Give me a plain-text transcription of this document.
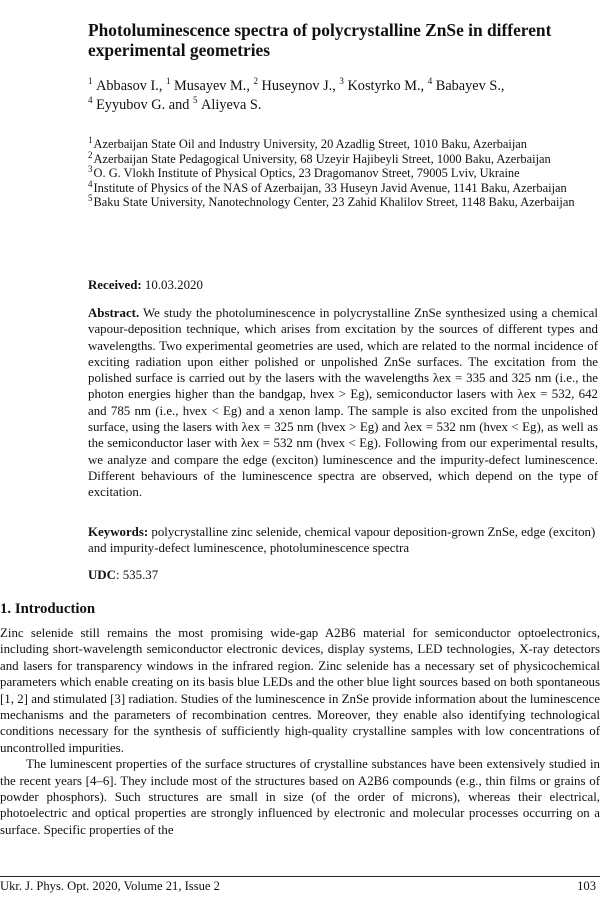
Photoluminescence spectra of polycrystalline ZnSe in different experimental geometries
$^1$ Abbasov I., $^1$ Musayev M., $^2$ Huseynov J., $^3$ Kostyrko M., $^4$ Babayev S.,
$^4$ Eyyubov G. and $^5$ Aliyeva S.
$^1$ Azerbaijan State Oil and Industry University, 20 Azadlig Street, 1010 Baku, Azerbaijan
$^2$ Azerbaijan State Pedagogical University, 68 Uzeyir Hajibeyli Street, 1000 Baku, Azerbaijan
$^3$ O. G. Vlokh Institute of Physical Optics, 23 Dragomanov Street, 79005 Lviv, Ukraine
$^4$ Institute of Physics of the NAS of Azerbaijan, 33 Huseyn Javid Avenue, 1141 Baku, Azerbaijan
$^5$ Baku State University, Nanotechnology Center, 23 Zahid Khalilov Street, 1148 Baku, Azerbaijan
Received: 10.03.2020

Abstract. We study the photoluminescence in polycrystalline ZnSe synthesized using a chemical vapour-deposition technique, which arises from excitation by the sources of different types and wavelengths. Two experimental geometries are used, which are related to the normal incidence of exciting radiation upon either polished or unpolished ZnSe surfaces. The excitation from the polished surface is carried out by the lasers with the wavelengths λex = 335 and 325 nm (i.e., the photon energies higher than the bandgap, hνex > Eg), semiconductor lasers with λex = 532, 642 and 785 nm (i.e., hνex < Eg) and a xenon lamp. The sample is also excited from the unpolished surface, using the lasers with λex = 325 nm (hνex > Eg) and λex = 532 nm (hνex < Eg), as well as the semiconductor laser with λex = 532 nm (hνex < Eg). Following from our experimental results, we analyze and compare the edge (exciton) luminescence and the impurity-defect luminescence. Different behaviours of the luminescence spectra are observed, which depend on the type of excitation.

Keywords: polycrystalline zinc selenide, chemical vapour deposition-grown ZnSe, edge (exciton) and impurity-defect luminescence, photoluminescence spectra

UDC: 535.37
1. Introduction

Zinc selenide still remains the most promising wide-gap A2B6 material for semiconductor optoelectronics, including short-wavelength semiconductor electronic devices, display systems, LED technologies, X-ray detectors and lasers for transparency windows in the infrared region. Zinc selenide has a necessary set of physicochemical parameters which enable creating on its basis blue LEDs and the other blue light sources based on both spontaneous [1, 2] and stimulated [3] radiation. Studies of the luminescence in ZnSe provide information about the luminescence mechanisms and the parameters of recombination centres. Moreover, they enable also identifying technological conditions necessary for the synthesis of sufficiently high-quality crystalline samples with low concentrations of uncontrolled impurities.

The luminescent properties of the surface structures of crystalline substances have been extensively studied in the recent years [4–6]. They include most of the structures based on A2B6 compounds (e.g., thin films or grains of powder phosphors). Such structures are small in size (of the order of microns), whereas their electrical, photoelectric and optical properties are strongly influenced by electronic and molecular processes occurring on a surface. Specific properties of the

Ukr. J. Phys. Opt. 2020, Volume 21, Issue 2	103
